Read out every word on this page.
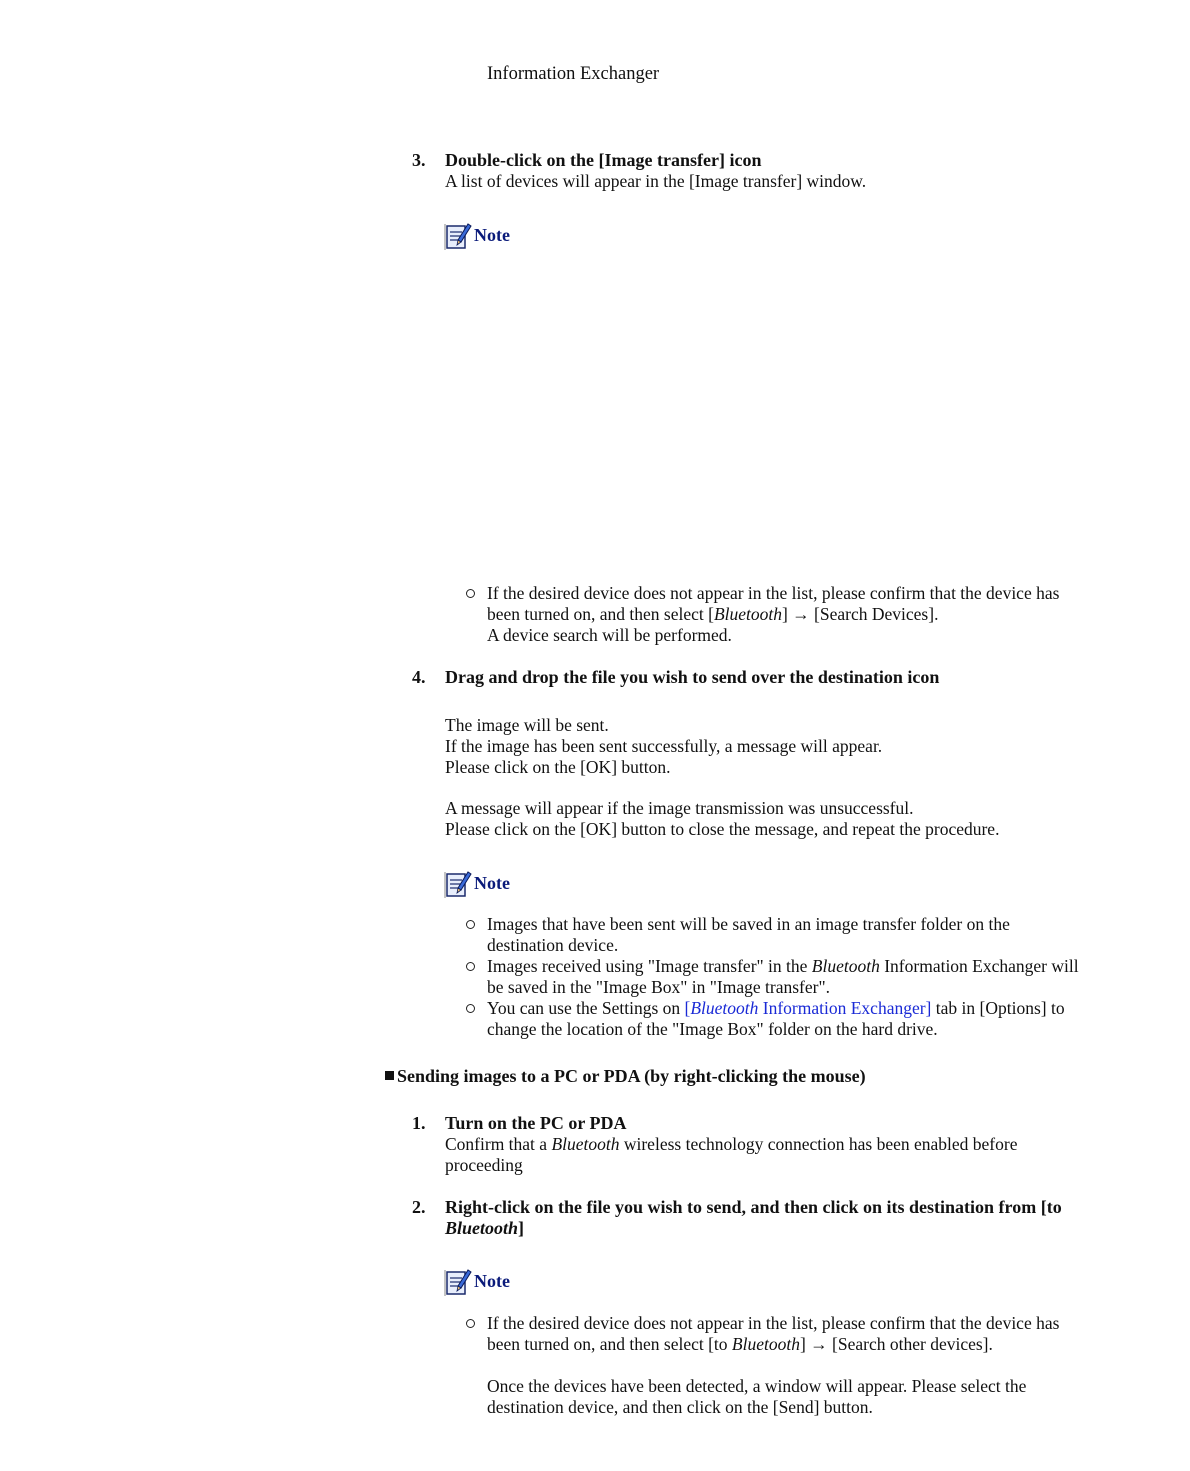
Information Exchanger
3. Double-click on the [Image transfer] icon
A list of devices will appear in the [Image transfer] window.
Note
If the desired device does not appear in the list, please confirm that the device has been turned on, and then select [Bluetooth] → [Search Devices].
A device search will be performed.
4. Drag and drop the file you wish to send over the destination icon
The image will be sent.
If the image has been sent successfully, a message will appear.
Please click on the [OK] button.
A message will appear if the image transmission was unsuccessful.
Please click on the [OK] button to close the message, and repeat the procedure.
Note
Images that have been sent will be saved in an image transfer folder on the destination device.
Images received using "Image transfer" in the Bluetooth Information Exchanger will be saved in the "Image Box" in "Image transfer".
You can use the Settings on [Bluetooth Information Exchanger] tab in [Options] to change the location of the "Image Box" folder on the hard drive.
Sending images to a PC or PDA (by right-clicking the mouse)
1. Turn on the PC or PDA
Confirm that a Bluetooth wireless technology connection has been enabled before proceeding
2. Right-click on the file you wish to send, and then click on its destination from [to Bluetooth]
Note
If the desired device does not appear in the list, please confirm that the device has been turned on, and then select [to Bluetooth] → [Search other devices].
Once the devices have been detected, a window will appear. Please select the destination device, and then click on the [Send] button.
